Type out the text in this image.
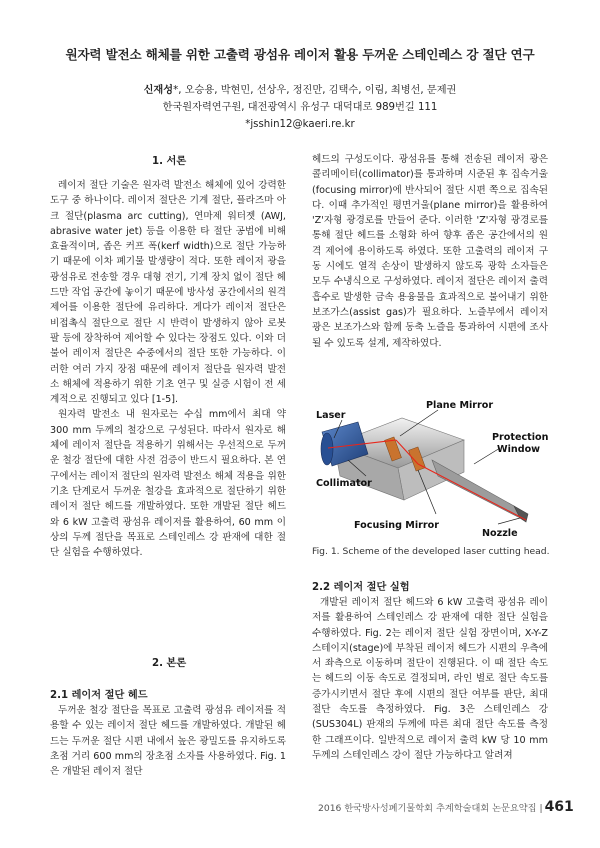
원자력 발전소 해체를 위한 고출력 광섬유 레이저 활용 두꺼운 스테인레스 강 절단 연구
신재성*, 오승용, 박현민, 선상우, 정진만, 김택수, 이림, 최병선, 문제권
한국원자력연구원, 대전광역시 유성구 대덕대로 989번길 111
*jsshin12@kaeri.re.kr
1. 서론

레이저 절단 기술은 원자력 발전소 해체에 있어 강력한 도구 중 하나이다. 레이저 절단은 기계 절단, 플라즈마 아크 절단(plasma arc cutting), 연마제 워터젯 (AWJ, abrasive water jet) 등을 이용한 타 절단 공법에 비해 효율적이며, 좁은 커프 폭(kerf width)으로 절단 가능하기 때문에 이차 폐기물 발생량이 적다. 또한 레이저 광을 광섬유로 전송할 경우 대형 전기, 기계 장치 없이 절단 헤드만 작업 공간에 놓이기 때문에 방사성 공간에서의 원격 제어를 이용한 절단에 유리하다. 게다가 레이저 절단은 비접촉식 절단으로 절단 시 반력이 발생하지 않아 로봇 팔 등에 장착하여 제어할 수 있다는 장점도 있다. 이와 더불어 레이저 절단은 수중에서의 절단 또한 가능하다. 이러한 여러 가지 장점 때문에 레이저 절단을 원자력 발전소 해체에 적용하기 위한 기초 연구 및 실증 시험이 전 세계적으로 진행되고 있다 [1-5].

원자력 발전소 내 원자로는 수십 mm에서 최대 약 300 mm 두께의 철강으로 구성된다. 따라서 원자로 해체에 레이저 절단을 적용하기 위해서는 우선적으로 두꺼운 철강 절단에 대한 사전 검증이 반드시 필요하다. 본 연구에서는 레이저 절단의 원자력 발전소 해체 적용을 위한 기초 단계로서 두꺼운 철강을 효과적으로 절단하기 위한 레이저 절단 헤드를 개발하였다. 또한 개발된 절단 헤드와 6 kW 고출력 광섬유 레이저를 활용하여, 60 mm 이상의 두께 절단을 목표로 스테인레스 강 판재에 대한 절단 실험을 수행하였다.

2. 본론
2.1 레이저 절단 헤드

두꺼운 철강 절단을 목표로 고출력 광섬유 레이저를 적용할 수 있는 레이저 절단 헤드를 개발하였다. 개발된 헤드는 두꺼운 절단 시편 내에서 높은 광밀도를 유지하도록 초점 거리 600 mm의 장초점 소자를 사용하였다. Fig. 1은 개발된 레이저 절단

헤드의 구성도이다. 광섬유를 통해 전송된 레이저 광은 콜리메이터(collimator)를 통과하며 시준된 후 집속거울(focusing mirror)에 반사되어 절단 시편 쪽으로 집속된다. 이때 추가적인 평면거울(plane mirror)을 활용하여 'Z'자형 광경로를 만들어 준다. 이러한 'Z'자형 광경로를 통해 절단 헤드를 소형화 하여 향후 좁은 공간에서의 원격 제어에 용이하도록 하였다. 또한 고출력의 레이저 구동 시에도 열적 손상이 발생하지 않도록 광학 소자들은 모두 수냉식으로 구성하였다. 레이저 절단은 레이저 출력 흡수로 발생한 금속 용융물을 효과적으로 불어내기 위한 보조가스(assist gas)가 필요하다. 노즐부에서 레이저 광은 보조가스와 함께 동축 노즐을 통과하여 시편에 조사될 수 있도록 설계, 제작하였다.

Laser
Plane Mirror
Protection
Window
Collimator
Focusing Mirror
Nozzle
Fig. 1. Scheme of the developed laser cutting head.
2.2 레이저 절단 실험

개발된 레이저 절단 헤드와 6 kW 고출력 광섬유 레이저를 활용하여 스테인레스 강 판재에 대한 절단 실험을 수행하였다. Fig. 2는 레이저 절단 실험 장면이며, X-Y-Z 스테이지(stage)에 부착된 레이저 헤드가 시편의 우측에서 좌측으로 이동하며 절단이 진행된다. 이 때 절단 속도는 헤드의 이동 속도로 결정되며, 라인 별로 절단 속도를 증가시키면서 절단 후에 시편의 절단 여부를 판단, 최대 절단 속도를 측정하였다. Fig. 3은 스테인레스 강(SUS304L) 판재의 두께에 따른 최대 절단 속도를 측정한 그래프이다. 일반적으로 레이저 출력 kW 당 10 mm 두께의 스테인레스 강이 절단 가능하다고 알려져

2016 한국방사성폐기물학회 추계학술대회 논문요약집 | 461
